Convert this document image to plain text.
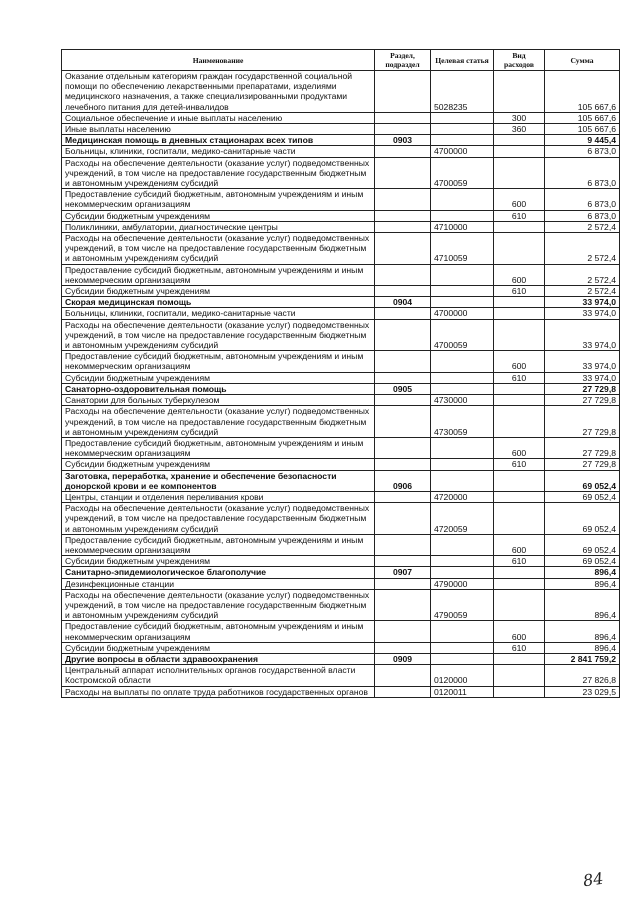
Наименование	Раздел, подраздел	Целевая статья	Вид расходов	Сумма
Оказание отдельным категориям граждан государственной социальной помощи по обеспечению лекарственными препаратами, изделиями медицинского назначения, а также специализированными продуктами лечебного питания для детей-инвалидов		5028235		105 667,6
Социальное обеспечение и иные выплаты населению			300	105 667,6
Иные выплаты населению			360	105 667,6
Медицинская помощь в дневных стационарах всех типов	0903			9 445,4
Больницы, клиники, госпитали, медико-санитарные части		4700000		6 873,0
Расходы на обеспечение деятельности (оказание услуг) подведомственных учреждений, в том числе на предоставление государственным бюджетным и автономным учреждениям субсидий		4700059		6 873,0
Предоставление субсидий бюджетным, автономным учреждениям и иным некоммерческим организациям			600	6 873,0
Субсидии бюджетным учреждениям			610	6 873,0
Поликлиники, амбулатории, диагностические центры		4710000		2 572,4
Расходы на обеспечение деятельности (оказание услуг) подведомственных учреждений, в том числе на предоставление государственным бюджетным и автономным учреждениям субсидий		4710059		2 572,4
Предоставление субсидий бюджетным, автономным учреждениям и иным некоммерческим организациям			600	2 572,4
Субсидии бюджетным учреждениям			610	2 572,4
Скорая медицинская помощь	0904			33 974,0
Больницы, клиники, госпитали, медико-санитарные части		4700000		33 974,0
Расходы на обеспечение деятельности (оказание услуг) подведомственных учреждений, в том числе на предоставление государственным бюджетным и автономным учреждениям субсидий		4700059		33 974,0
Предоставление субсидий бюджетным, автономным учреждениям и иным некоммерческим организациям			600	33 974,0
Субсидии бюджетным учреждениям			610	33 974,0
Санаторно-оздоровительная помощь	0905			27 729,8
Санатории для больных туберкулезом		4730000		27 729,8
Расходы на обеспечение деятельности (оказание услуг) подведомственных учреждений, в том числе на предоставление государственным бюджетным и автономным учреждениям субсидий		4730059		27 729,8
Предоставление субсидий бюджетным, автономным учреждениям и иным некоммерческим организациям			600	27 729,8
Субсидии бюджетным учреждениям			610	27 729,8
Заготовка, переработка, хранение и обеспечение безопасности донорской крови и ее компонентов	0906			69 052,4
Центры, станции и отделения переливания крови		4720000		69 052,4
Расходы на обеспечение деятельности (оказание услуг) подведомственных учреждений, в том числе на предоставление государственным бюджетным и автономным учреждениям субсидий		4720059		69 052,4
Предоставление субсидий бюджетным, автономным учреждениям и иным некоммерческим организациям			600	69 052,4
Субсидии бюджетным учреждениям			610	69 052,4
Санитарно-эпидемиологическое благополучие	0907			896,4
Дезинфекционные станции		4790000		896,4
Расходы на обеспечение деятельности (оказание услуг) подведомственных учреждений, в том числе на предоставление государственным бюджетным и автономным учреждениям субсидий		4790059		896,4
Предоставление субсидий бюджетным, автономным учреждениям и иным некоммерческим организациям			600	896,4
Субсидии бюджетным учреждениям			610	896,4
Другие вопросы в области здравоохранения	0909			2 841 759,2
Центральный аппарат исполнительных органов государственной власти Костромской области		0120000		27 826,8
Расходы на выплаты по оплате труда работников государственных органов		0120011		23 029,5
84
